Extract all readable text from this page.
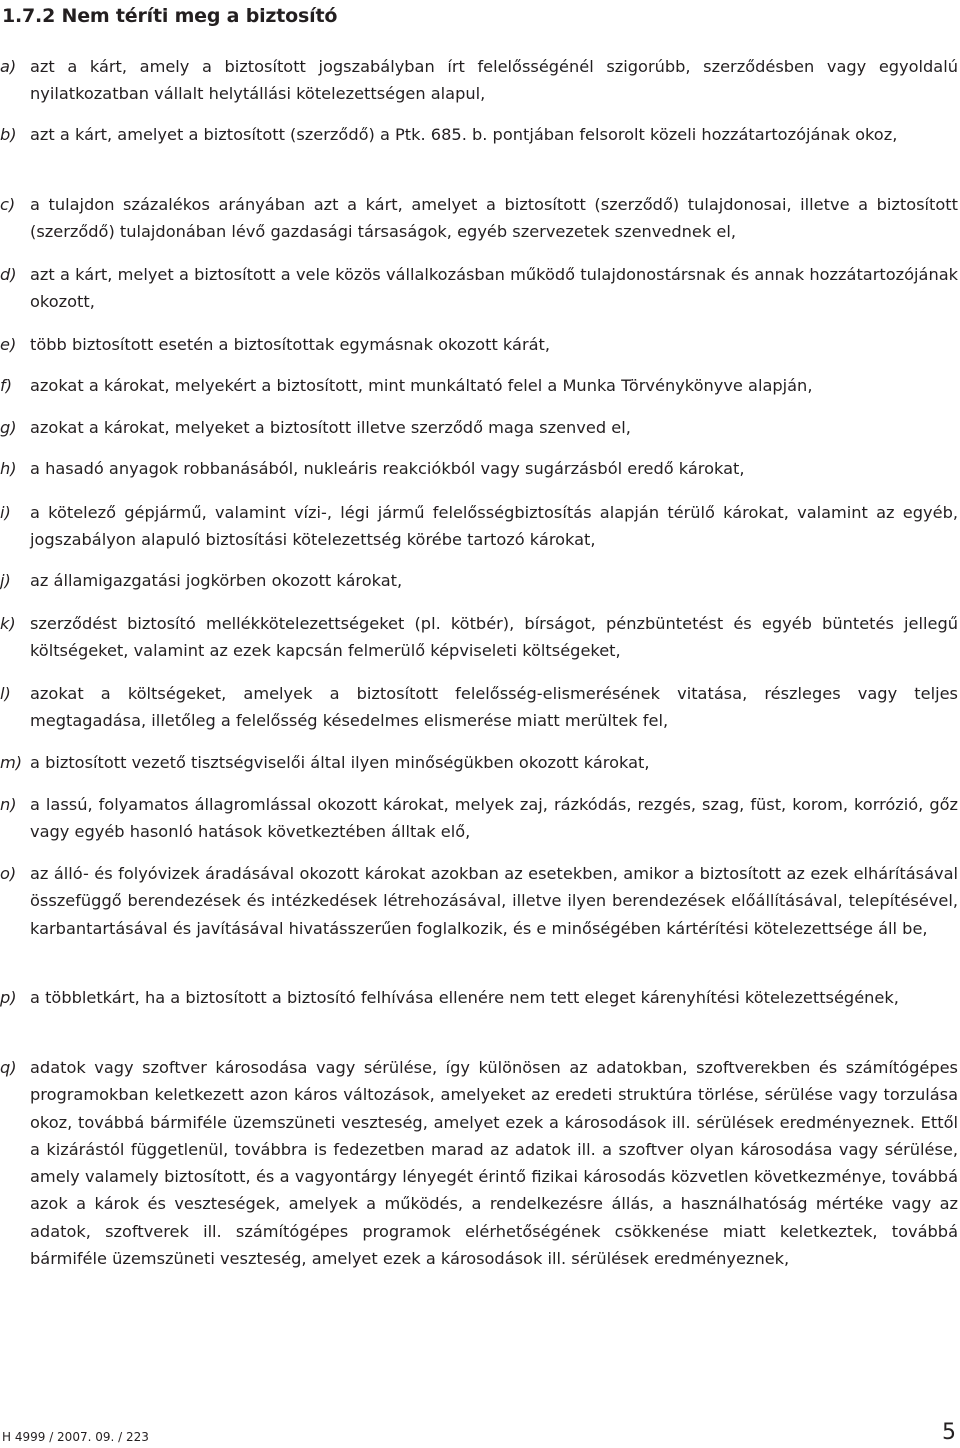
1.7.2 Nem téríti meg a biztosító
a) azt a kárt, amely a biztosított jogszabályban írt felelősségénél szigorúbb, szerződésben vagy egyoldalú nyilatkozatban vállalt helytállási kötelezettségen alapul,
b) azt a kárt, amelyet a biztosított (szerződő) a Ptk. 685. b. pontjában felsorolt közeli hozzátartozójának okoz,
c) a tulajdon százalékos arányában azt a kárt, amelyet a biztosított (szerződő) tulajdonosai, illetve a biztosított (szerződő) tulajdonában lévő gazdasági társaságok, egyéb szervezetek szenvednek el,
d) azt a kárt, melyet a biztosított a vele közös vállalkozásban működő tulajdonostársnak és annak hozzátartozójának okozott,
e) több biztosított esetén a biztosítottak egymásnak okozott kárát,
f) azokat a károkat, melyekért a biztosított, mint munkáltató felel a Munka Törvénykönyve alapján,
g) azokat a károkat, melyeket a biztosított illetve szerződő maga szenved el,
h) a hasadó anyagok robbanásából, nukleáris reakciókból vagy sugárzásból eredő károkat,
i) a kötelező gépjármű, valamint vízi-, légi jármű felelősségbiztosítás alapján térülő károkat, valamint az egyéb, jogszabályon alapuló biztosítási kötelezettség körébe tartozó károkat,
j) az államigazgatási jogkörben okozott károkat,
k) szerződést biztosító mellékkötelezettségeket (pl. kötbér), bírságot, pénzbüntetést és egyéb büntetés jellegű költségeket, valamint az ezek kapcsán felmerülő képviseleti költségeket,
l) azokat a költségeket, amelyek a biztosított felelősség-elismerésének vitatása, részleges vagy teljes megtagadása, illetőleg a felelősség késedelmes elismerése miatt merültek fel,
m) a biztosított vezető tisztségviselői által ilyen minőségükben okozott károkat,
n) a lassú, folyamatos állagromlással okozott károkat, melyek zaj, rázkódás, rezgés, szag, füst, korom, korrózió, gőz vagy egyéb hasonló hatások következtében álltak elő,
o) az álló- és folyóvizek áradásával okozott károkat azokban az esetekben, amikor a biztosított az ezek elhárításával összefüggő berendezések és intézkedések létrehozásával, illetve ilyen berendezések előállításával, telepítésével, karbantartásával és javításával hivatásszerűen foglalkozik, és e minőségében kártérítési kötelezettsége áll be,
p) a többletkárt, ha a biztosított a biztosító felhívása ellenére nem tett eleget kárenyhítési kötelezettségének,
q) adatok vagy szoftver károsodása vagy sérülése, így különösen az adatokban, szoftverekben és számítógépes programokban keletkezett azon káros változások, amelyeket az eredeti struktúra törlése, sérülése vagy torzulása okoz, továbbá bármiféle üzemszüneti veszteség, amelyet ezek a károsodások ill. sérülések eredményeznek. Ettől a kizárástól függetlenül, továbbra is fedezetben marad az adatok ill. a szoftver olyan károsodása vagy sérülése, amely valamely biztosított, és a vagyontárgy lényegét érintő fizikai károsodás közvetlen következménye, továbbá azok a károk és veszteségek, amelyek a működés, a rendelkezésre állás, a használhatóság mértéke vagy az adatok, szoftverek ill. számítógépes programok elérhetőségének csökkenése miatt keletkeztek, továbbá bármiféle üzemszüneti veszteség, amelyet ezek a károsodások ill. sérülések eredményeznek,
H 4999 / 2007. 09. / 223	5
